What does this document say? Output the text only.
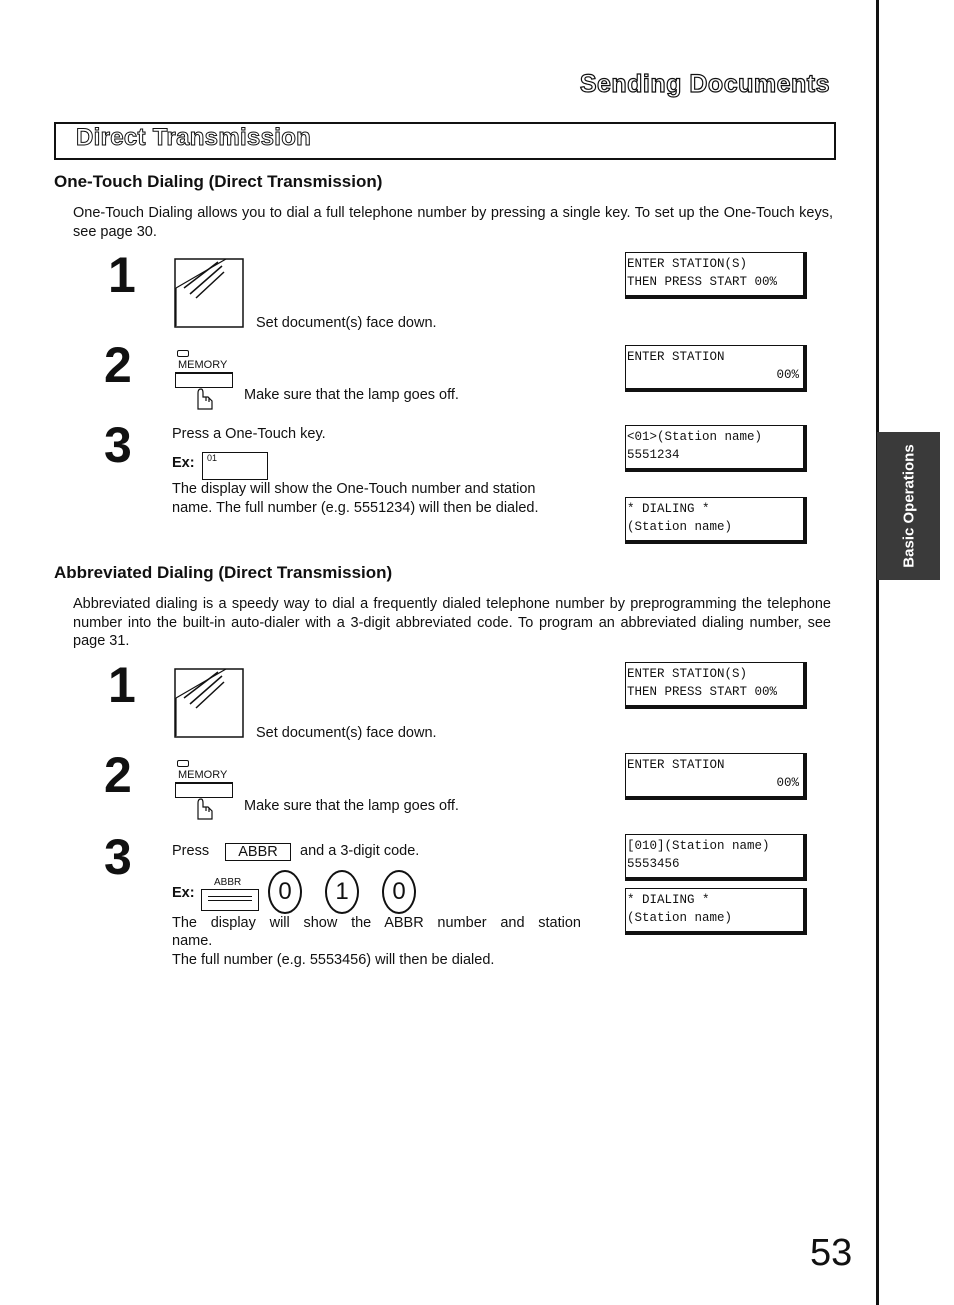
Sending Documents
Direct Transmission
One-Touch Dialing (Direct Transmission)
One-Touch Dialing allows you to dial a full telephone number by pressing a single key. To set up the One-Touch keys, see page 30.
1
Set document(s) face down.
2	MEMORY
Make sure that the lamp goes off.
3	Press a One-Touch key.
Ex:	01
The display will show the One-Touch number and station
name. The full number (e.g. 5551234) will then be dialed.
ENTER STATION(S)
THEN PRESS START 00%
ENTER STATION
00%
<01>(Station name)
5551234
* DIALING *
(Station name)
Abbreviated Dialing (Direct Transmission)
Abbreviated dialing is a speedy way to dial a frequently dialed telephone number by preprogramming the telephone number into the built-in auto-dialer with a 3-digit abbreviated code. To program an abbreviated dialing number, see page 31.
1
Set document(s) face down.
2	MEMORY
Make sure that the lamp goes off.
3	Press	ABBR	and a 3-digit code.
Ex:
ABBR	0	1	0
The display will show the ABBR number and station
name.
The full number (e.g. 5553456) will then be dialed.
ENTER STATION(S)
THEN PRESS START 00%
ENTER STATION
00%
[010](Station name)
5553456
* DIALING *
(Station name)
Basic Operations
53
